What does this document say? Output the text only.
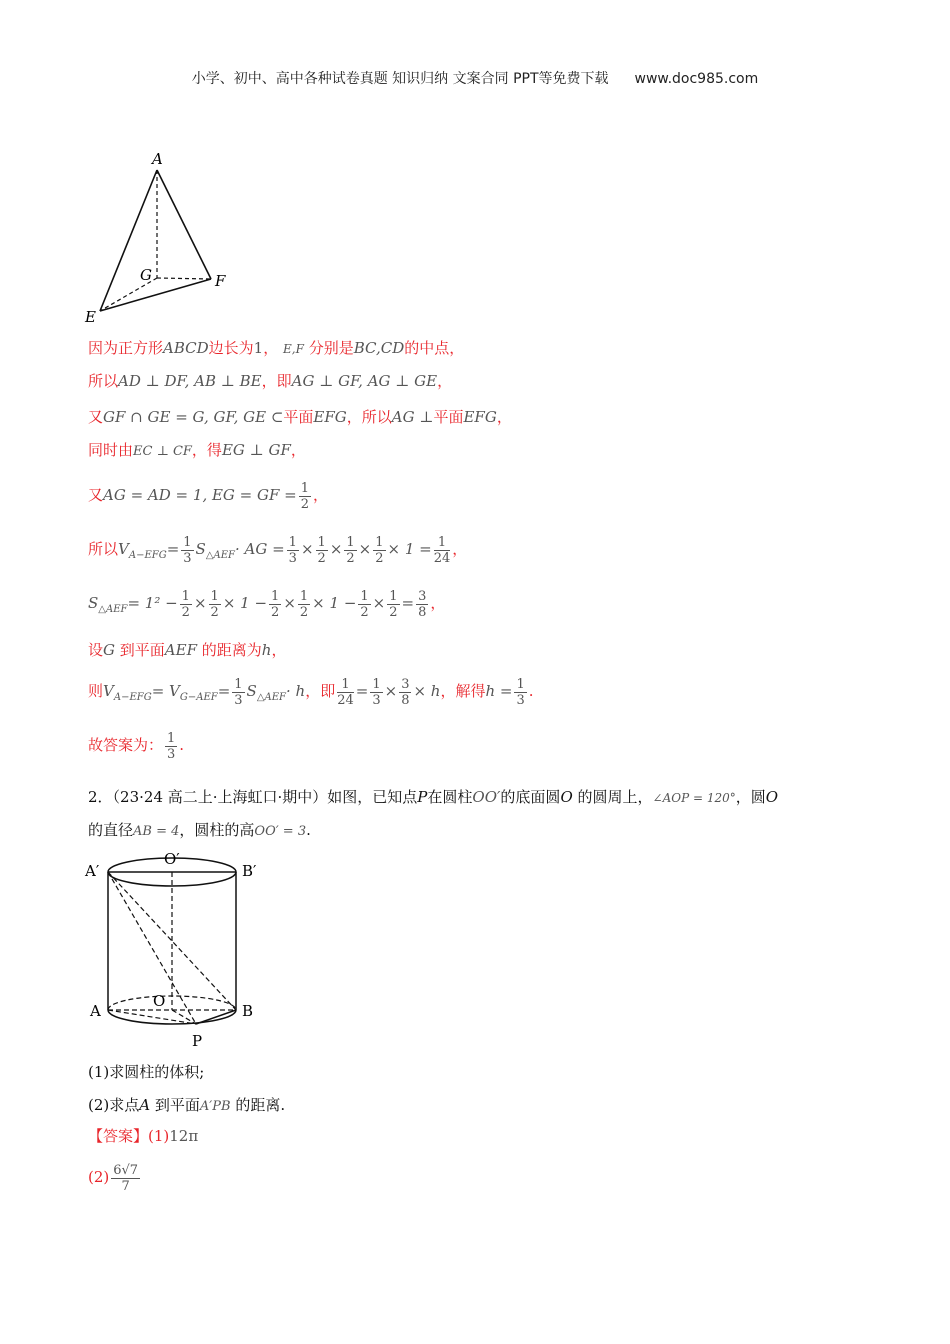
小学、初中、高中各种试卷真题 知识归纳 文案合同 PPT等免费下载 www.doc985.com
A
G	F
E
因为正方形ABCD边长为1， E,F 分别是BC,CD的中点，
所以AD ⊥ DF, AB ⊥ BE，即AG ⊥ GF, AG ⊥ GE，
又GF ∩ GE = G, GF, GE ⊂平面EFG，所以AG ⊥平面EFG，
同时由EC ⊥ CF，得EG ⊥ GF，
又AG = AD = 1, EG = GF = $\frac{1}{2}$ ，
所以$V_{A-EFG}= \frac{1}{3} S_{\triangle AEF}\cdot$ AG = $\frac{1}{3} \times \frac{1}{2} \times \frac{1}{2} \times \frac{1}{2} \times 1 = \frac{1}{24}$ ，
$S_{\triangle AEF}= 1^2 - \frac{1}{2} \times \frac{1}{2} \times 1 - \frac{1}{2} \times \frac{1}{2} \times 1 - \frac{1}{2} \times \frac{1}{2} = \frac{3}{8}$ ，
设G 到平面AEF 的距离为h，
则$V_{A-EFG}= V_{G-AEF}= \frac{1}{3} S_{\triangle AEF}\cdot h$，即 $\frac{1}{24} = \frac{1}{3} \times \frac{3}{8} \times h$，解得$h = \frac{1}{3}$ .
故答案为： $\frac{1}{3}$ .
2．（23·24 高二上·上海虹口·期中）如图，已知点P在圆柱OO′的底面圆O 的圆周上，∠AOP = 120°，圆O
的直径AB = 4，圆柱的高OO′ = 3.
A′
O′
B′
A
O
B
P
(1)求圆柱的体积;
(2)求点A 到平面A′PB 的距离.
【答案】(1)12π
$(2) \frac{6√7}{7}$
